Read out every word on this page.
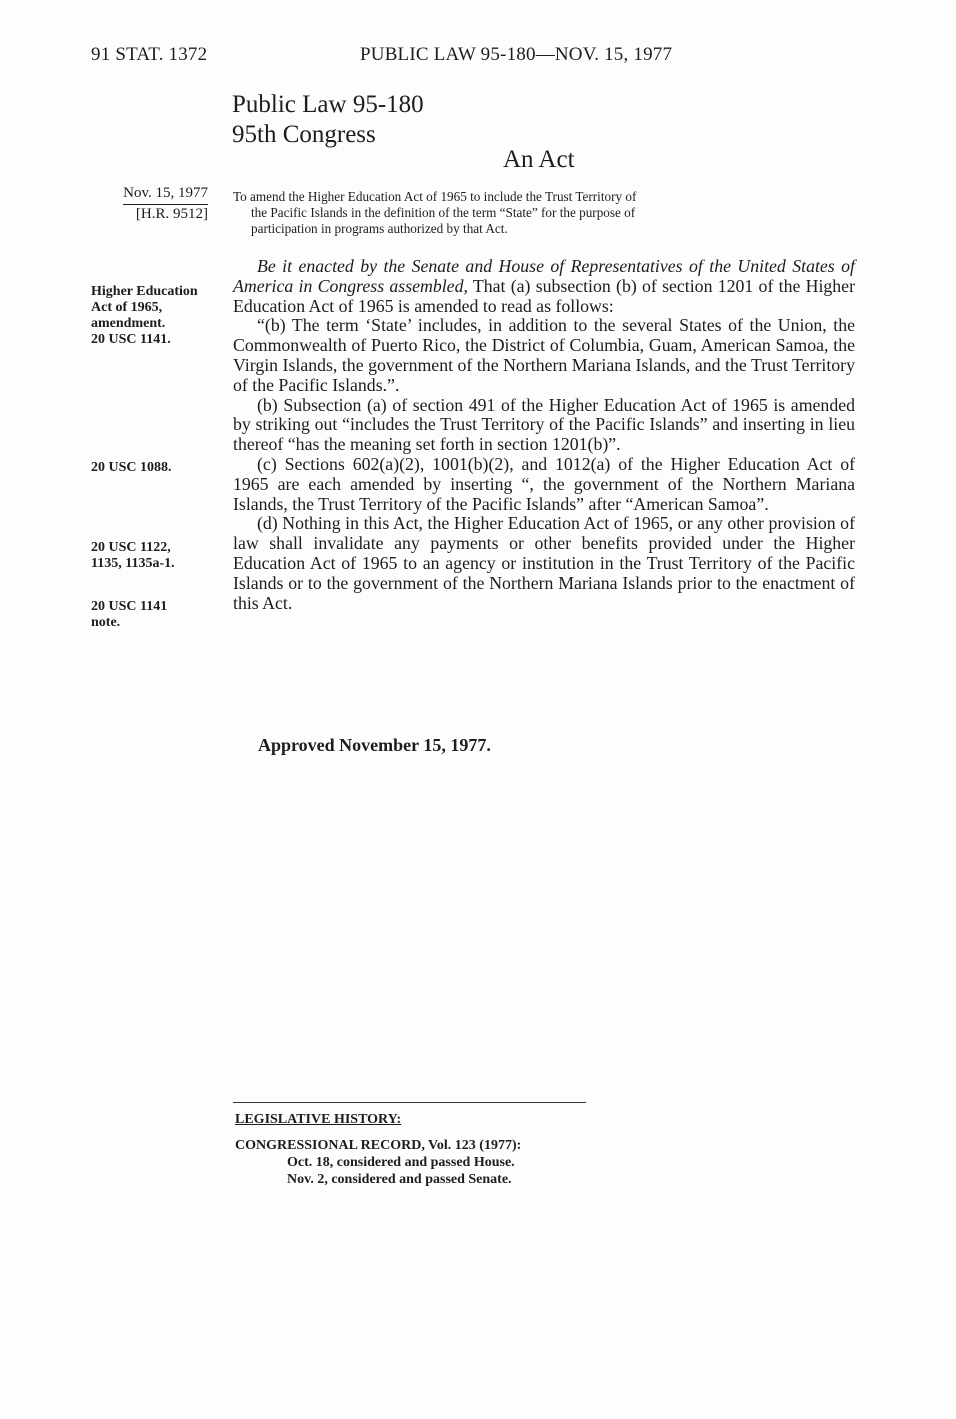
91 STAT. 1372	PUBLIC LAW 95-180—NOV. 15, 1977
Public Law 95-180
95th Congress
An Act
Nov. 15, 1977
[H.R. 9512]
Higher Education
Act of 1965,
amendment.
20 USC 1141.
20 USC 1088.
20 USC 1122,
1135, 1135a-1.
20 USC 1141
note.
To amend the Higher Education Act of 1965 to include the Trust Territory of
the Pacific Islands in the definition of the term “State” for the purpose of
participation in programs authorized by that Act.

Be it enacted by the Senate and House of Representatives of the United States of America in Congress assembled, That (a) subsection (b) of section 1201 of the Higher Education Act of 1965 is amended to read as follows:

“(b) The term ‘State’ includes, in addition to the several States of the Union, the Commonwealth of Puerto Rico, the District of Columbia, Guam, American Samoa, the Virgin Islands, the government of the Northern Mariana Islands, and the Trust Territory of the Pacific Islands.”.

(b) Subsection (a) of section 491 of the Higher Education Act of 1965 is amended by striking out “includes the Trust Territory of the Pacific Islands” and inserting in lieu thereof “has the meaning set forth in section 1201(b)”.

(c) Sections 602(a)(2), 1001(b)(2), and 1012(a) of the Higher Education Act of 1965 are each amended by inserting “, the government of the Northern Mariana Islands, the Trust Territory of the Pacific Islands” after “American Samoa”.

(d) Nothing in this Act, the Higher Education Act of 1965, or any other provision of law shall invalidate any payments or other benefits provided under the Higher Education Act of 1965 to an agency or institution in the Trust Territory of the Pacific Islands or to the government of the Northern Mariana Islands prior to the enactment of this Act.

Approved November 15, 1977.
LEGISLATIVE HISTORY:
CONGRESSIONAL RECORD, Vol. 123 (1977):
Oct. 18, considered and passed House.
Nov. 2, considered and passed Senate.
